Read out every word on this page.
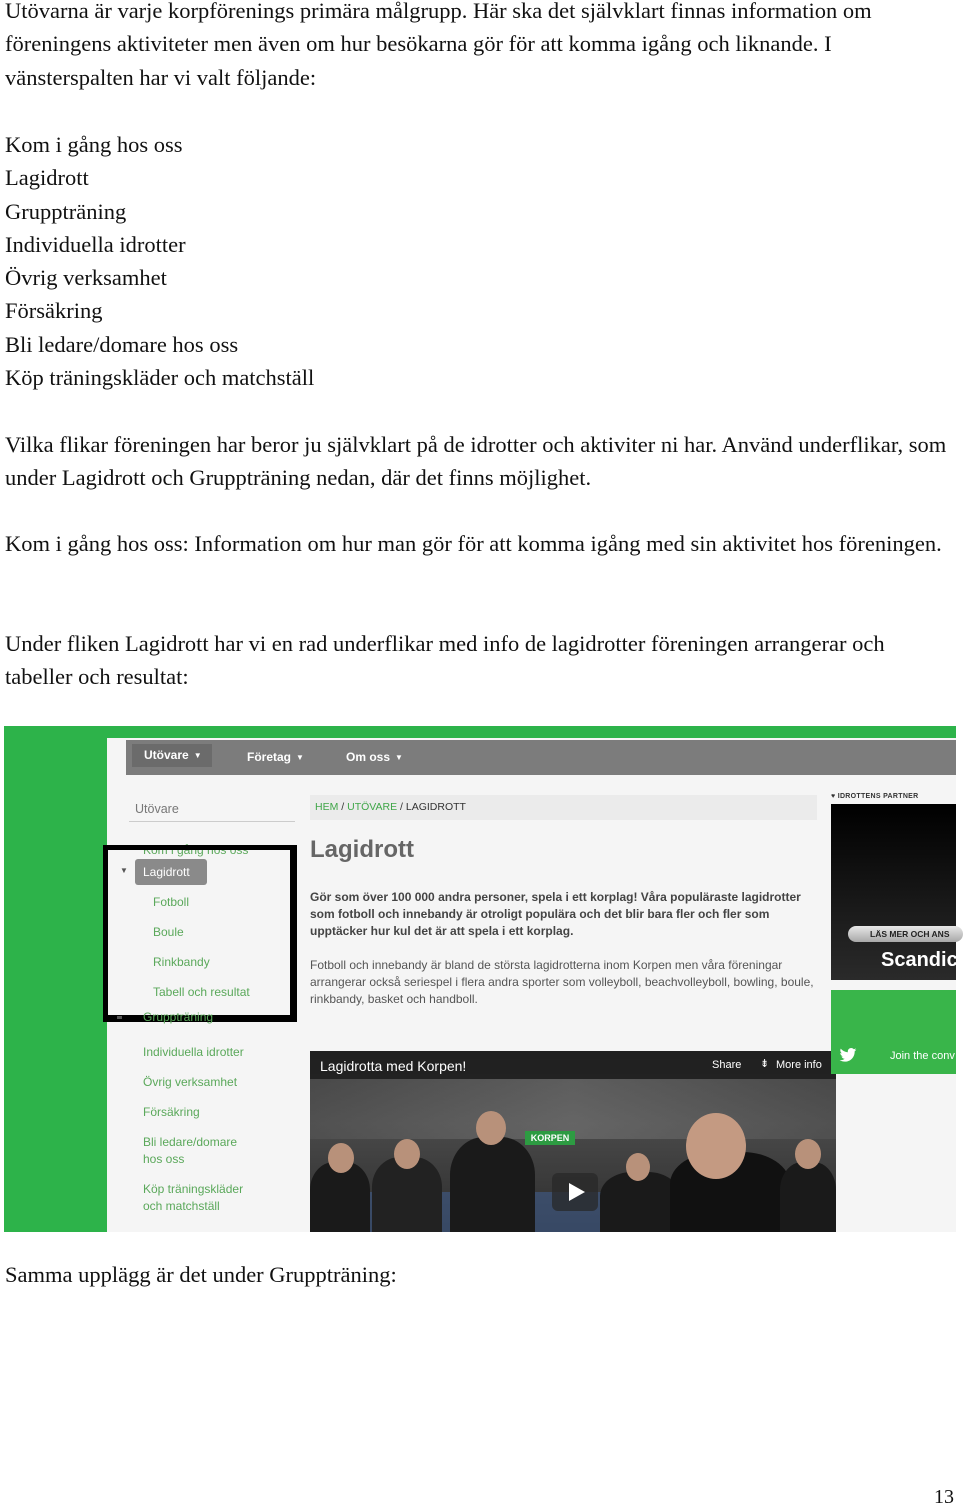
Utövarna är varje korpförenings primära målgrupp. Här ska det självklart finnas information om föreningens aktiviteter men även om hur besökarna gör för att komma igång och liknande. I vänsterspalten har vi valt följande:

Kom i gång hos oss
Lagidrott
Gruppträning
Individuella idrotter
Övrig verksamhet
Försäkring
Bli ledare/domare hos oss
Köp träningskläder och matchställ

Vilka flikar föreningen har beror ju självklart på de idrotter och aktiviter ni har. Använd underflikar, som under Lagidrott och Gruppträning nedan, där det finns möjlighet.

Kom i gång hos oss: Information om hur man gör för att komma igång med sin aktivitet hos föreningen.

Under fliken Lagidrott har vi en rad underflikar med info de lagidrotter föreningen arrangerar och tabeller och resultat:

Utövare ▼	Företag ▼	Om oss ▼
Utövare
▼	Lagidrott
Fotboll
Boule
Rinkbandy
Tabell och resultat
Gruppträning
Individuella idrotter
Övrig verksamhet
Försäkring
Bli ledare/domare
hos oss
Köp träningskläder
och matchställ
HEM / UTÖVARE / LAGIDROTT
Lagidrott

Gör som över 100 000 andra personer, spela i ett korplag! Våra populäraste lagidrotter som fotboll och innebandy är otroligt populära och det blir bara fler och fler som upptäcker hur kul det är att spela i ett korplag.

Fotboll och innebandy är bland de största lagidrotterna inom Korpen men våra föreningar arrangerar också seriespel i flera andra sporter som volleyboll, beachvolleyboll, bowling, boule, rinkbandy, basket och handboll.

KORPEN
Lagidrotta med Korpen!	Share ⇟ More info
♥ IDROTTENS PARTNER
LÄS MER OCH ANS
Scandic
Join the conv

Samma upplägg är det under Gruppträning:

13
